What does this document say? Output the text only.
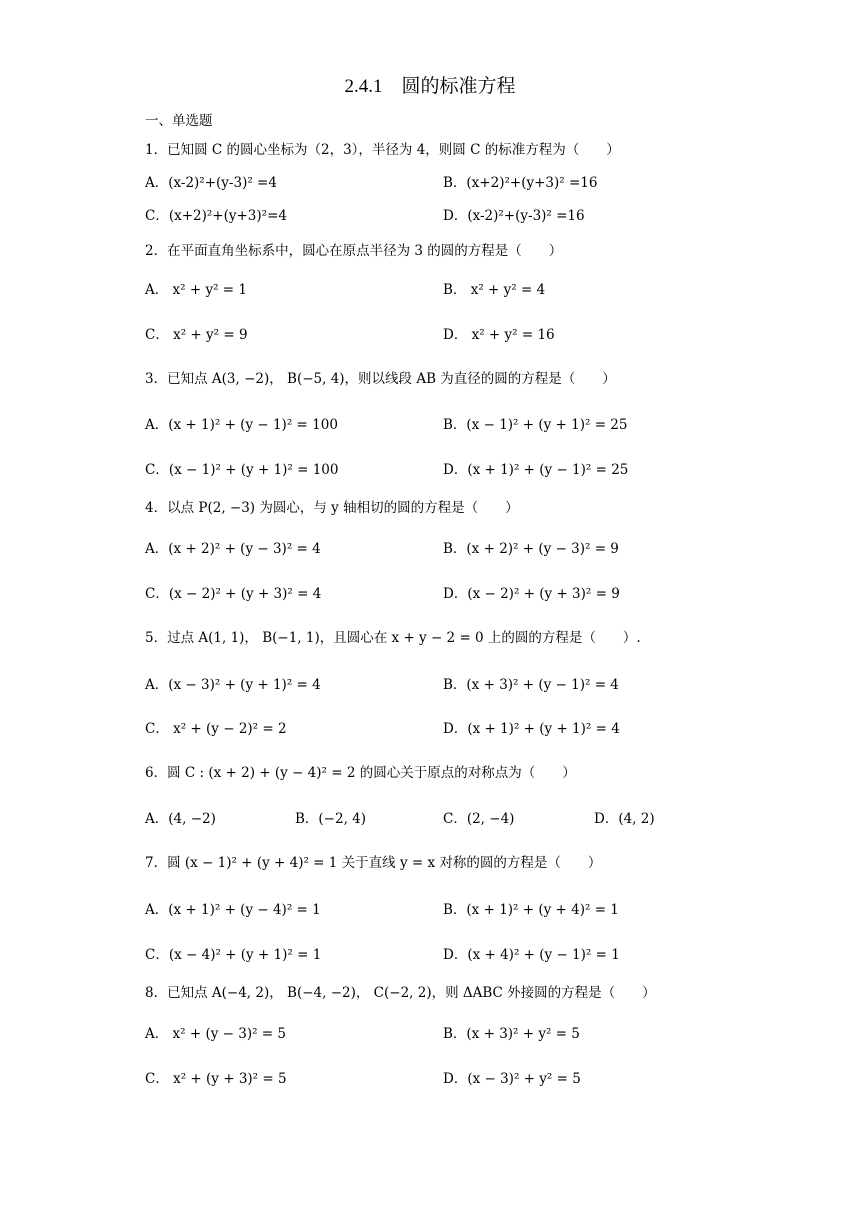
2.4.1　圆的标准方程
一、单选题
1．已知圆 C 的圆心坐标为（2，3），半径为 4，则圆 C 的标准方程为（　　）
A．(x-2)²+(y-3)² =4	B．(x+2)²+(y+3)² =16
C．(x+2)²+(y+3)²=4	D．(x-2)²+(y-3)² =16
2．在平面直角坐标系中，圆心在原点半径为 3 的圆的方程是（　　）
A． x² + y² = 1	B． x² + y² = 4
C． x² + y² = 9	D． x² + y² = 16
3．已知点 A(3, −2)， B(−5, 4)，则以线段 AB 为直径的圆的方程是（　　）
A．(x + 1)² + (y − 1)² = 100	B．(x − 1)² + (y + 1)² = 25
C．(x − 1)² + (y + 1)² = 100	D．(x + 1)² + (y − 1)² = 25
4．以点 P(2, −3) 为圆心，与 y 轴相切的圆的方程是（　　）
A．(x + 2)² + (y − 3)² = 4	B．(x + 2)² + (y − 3)² = 9
C．(x − 2)² + (y + 3)² = 4	D．(x − 2)² + (y + 3)² = 9
5．过点 A(1, 1)， B(−1, 1)，且圆心在 x + y − 2 = 0 上的圆的方程是（　　）.
A．(x − 3)² + (y + 1)² = 4	B．(x + 3)² + (y − 1)² = 4
C． x² + (y − 2)² = 2	D．(x + 1)² + (y + 1)² = 4
6．圆 C : (x + 2) + (y − 4)² = 2 的圆心关于原点的对称点为（　　）
A．(4, −2)	B．(−2, 4)	C．(2, −4)	D．(4, 2)
7．圆 (x − 1)² + (y + 4)² = 1 关于直线 y = x 对称的圆的方程是（　　）
A．(x + 1)² + (y − 4)² = 1	B．(x + 1)² + (y + 4)² = 1
C．(x − 4)² + (y + 1)² = 1	D．(x + 4)² + (y − 1)² = 1
8．已知点 A(−4, 2)， B(−4, −2)， C(−2, 2)，则 ΔABC 外接圆的方程是（　　）
A． x² + (y − 3)² = 5	B．(x + 3)² + y² = 5
C． x² + (y + 3)² = 5	D．(x − 3)² + y² = 5
